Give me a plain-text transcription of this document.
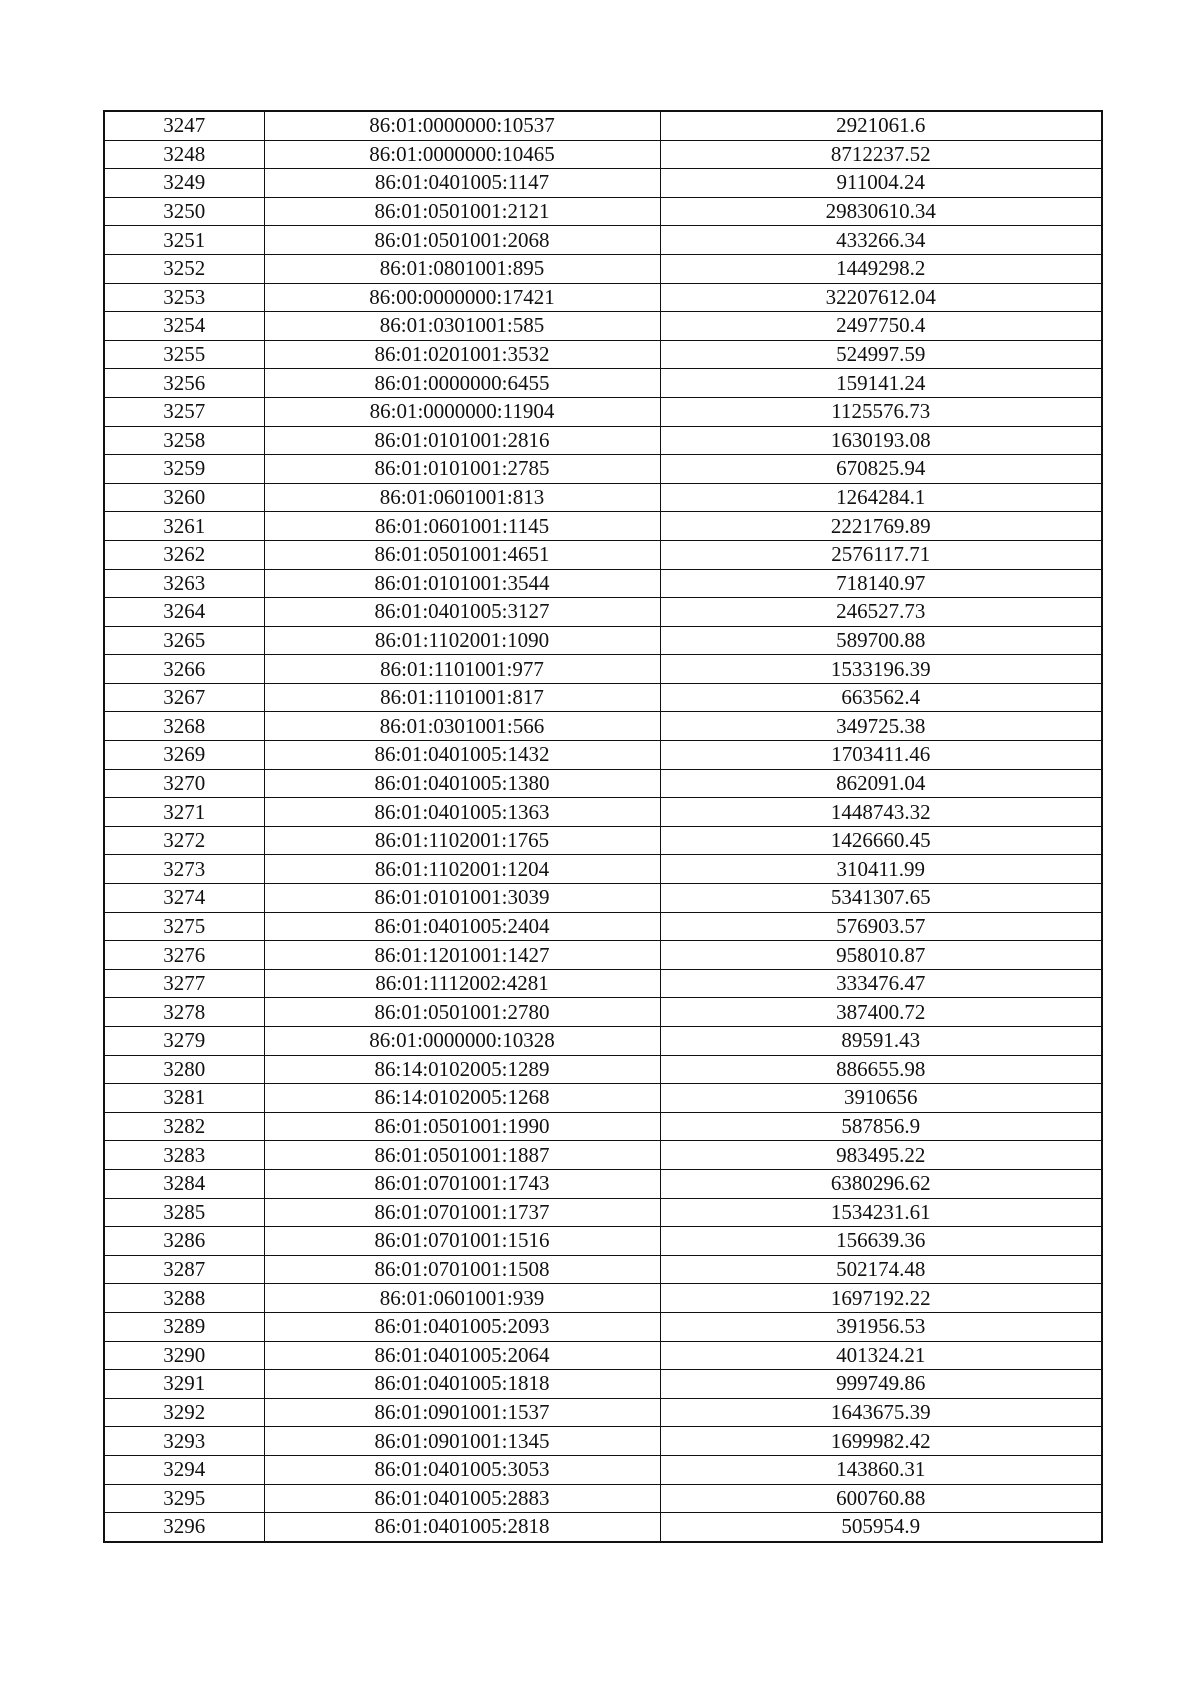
3247	86:01:0000000:10537	2921061.6
3248	86:01:0000000:10465	8712237.52
3249	86:01:0401005:1147	911004.24
3250	86:01:0501001:2121	29830610.34
3251	86:01:0501001:2068	433266.34
3252	86:01:0801001:895	1449298.2
3253	86:00:0000000:17421	32207612.04
3254	86:01:0301001:585	2497750.4
3255	86:01:0201001:3532	524997.59
3256	86:01:0000000:6455	159141.24
3257	86:01:0000000:11904	1125576.73
3258	86:01:0101001:2816	1630193.08
3259	86:01:0101001:2785	670825.94
3260	86:01:0601001:813	1264284.1
3261	86:01:0601001:1145	2221769.89
3262	86:01:0501001:4651	2576117.71
3263	86:01:0101001:3544	718140.97
3264	86:01:0401005:3127	246527.73
3265	86:01:1102001:1090	589700.88
3266	86:01:1101001:977	1533196.39
3267	86:01:1101001:817	663562.4
3268	86:01:0301001:566	349725.38
3269	86:01:0401005:1432	1703411.46
3270	86:01:0401005:1380	862091.04
3271	86:01:0401005:1363	1448743.32
3272	86:01:1102001:1765	1426660.45
3273	86:01:1102001:1204	310411.99
3274	86:01:0101001:3039	5341307.65
3275	86:01:0401005:2404	576903.57
3276	86:01:1201001:1427	958010.87
3277	86:01:1112002:4281	333476.47
3278	86:01:0501001:2780	387400.72
3279	86:01:0000000:10328	89591.43
3280	86:14:0102005:1289	886655.98
3281	86:14:0102005:1268	3910656
3282	86:01:0501001:1990	587856.9
3283	86:01:0501001:1887	983495.22
3284	86:01:0701001:1743	6380296.62
3285	86:01:0701001:1737	1534231.61
3286	86:01:0701001:1516	156639.36
3287	86:01:0701001:1508	502174.48
3288	86:01:0601001:939	1697192.22
3289	86:01:0401005:2093	391956.53
3290	86:01:0401005:2064	401324.21
3291	86:01:0401005:1818	999749.86
3292	86:01:0901001:1537	1643675.39
3293	86:01:0901001:1345	1699982.42
3294	86:01:0401005:3053	143860.31
3295	86:01:0401005:2883	600760.88
3296	86:01:0401005:2818	505954.9
